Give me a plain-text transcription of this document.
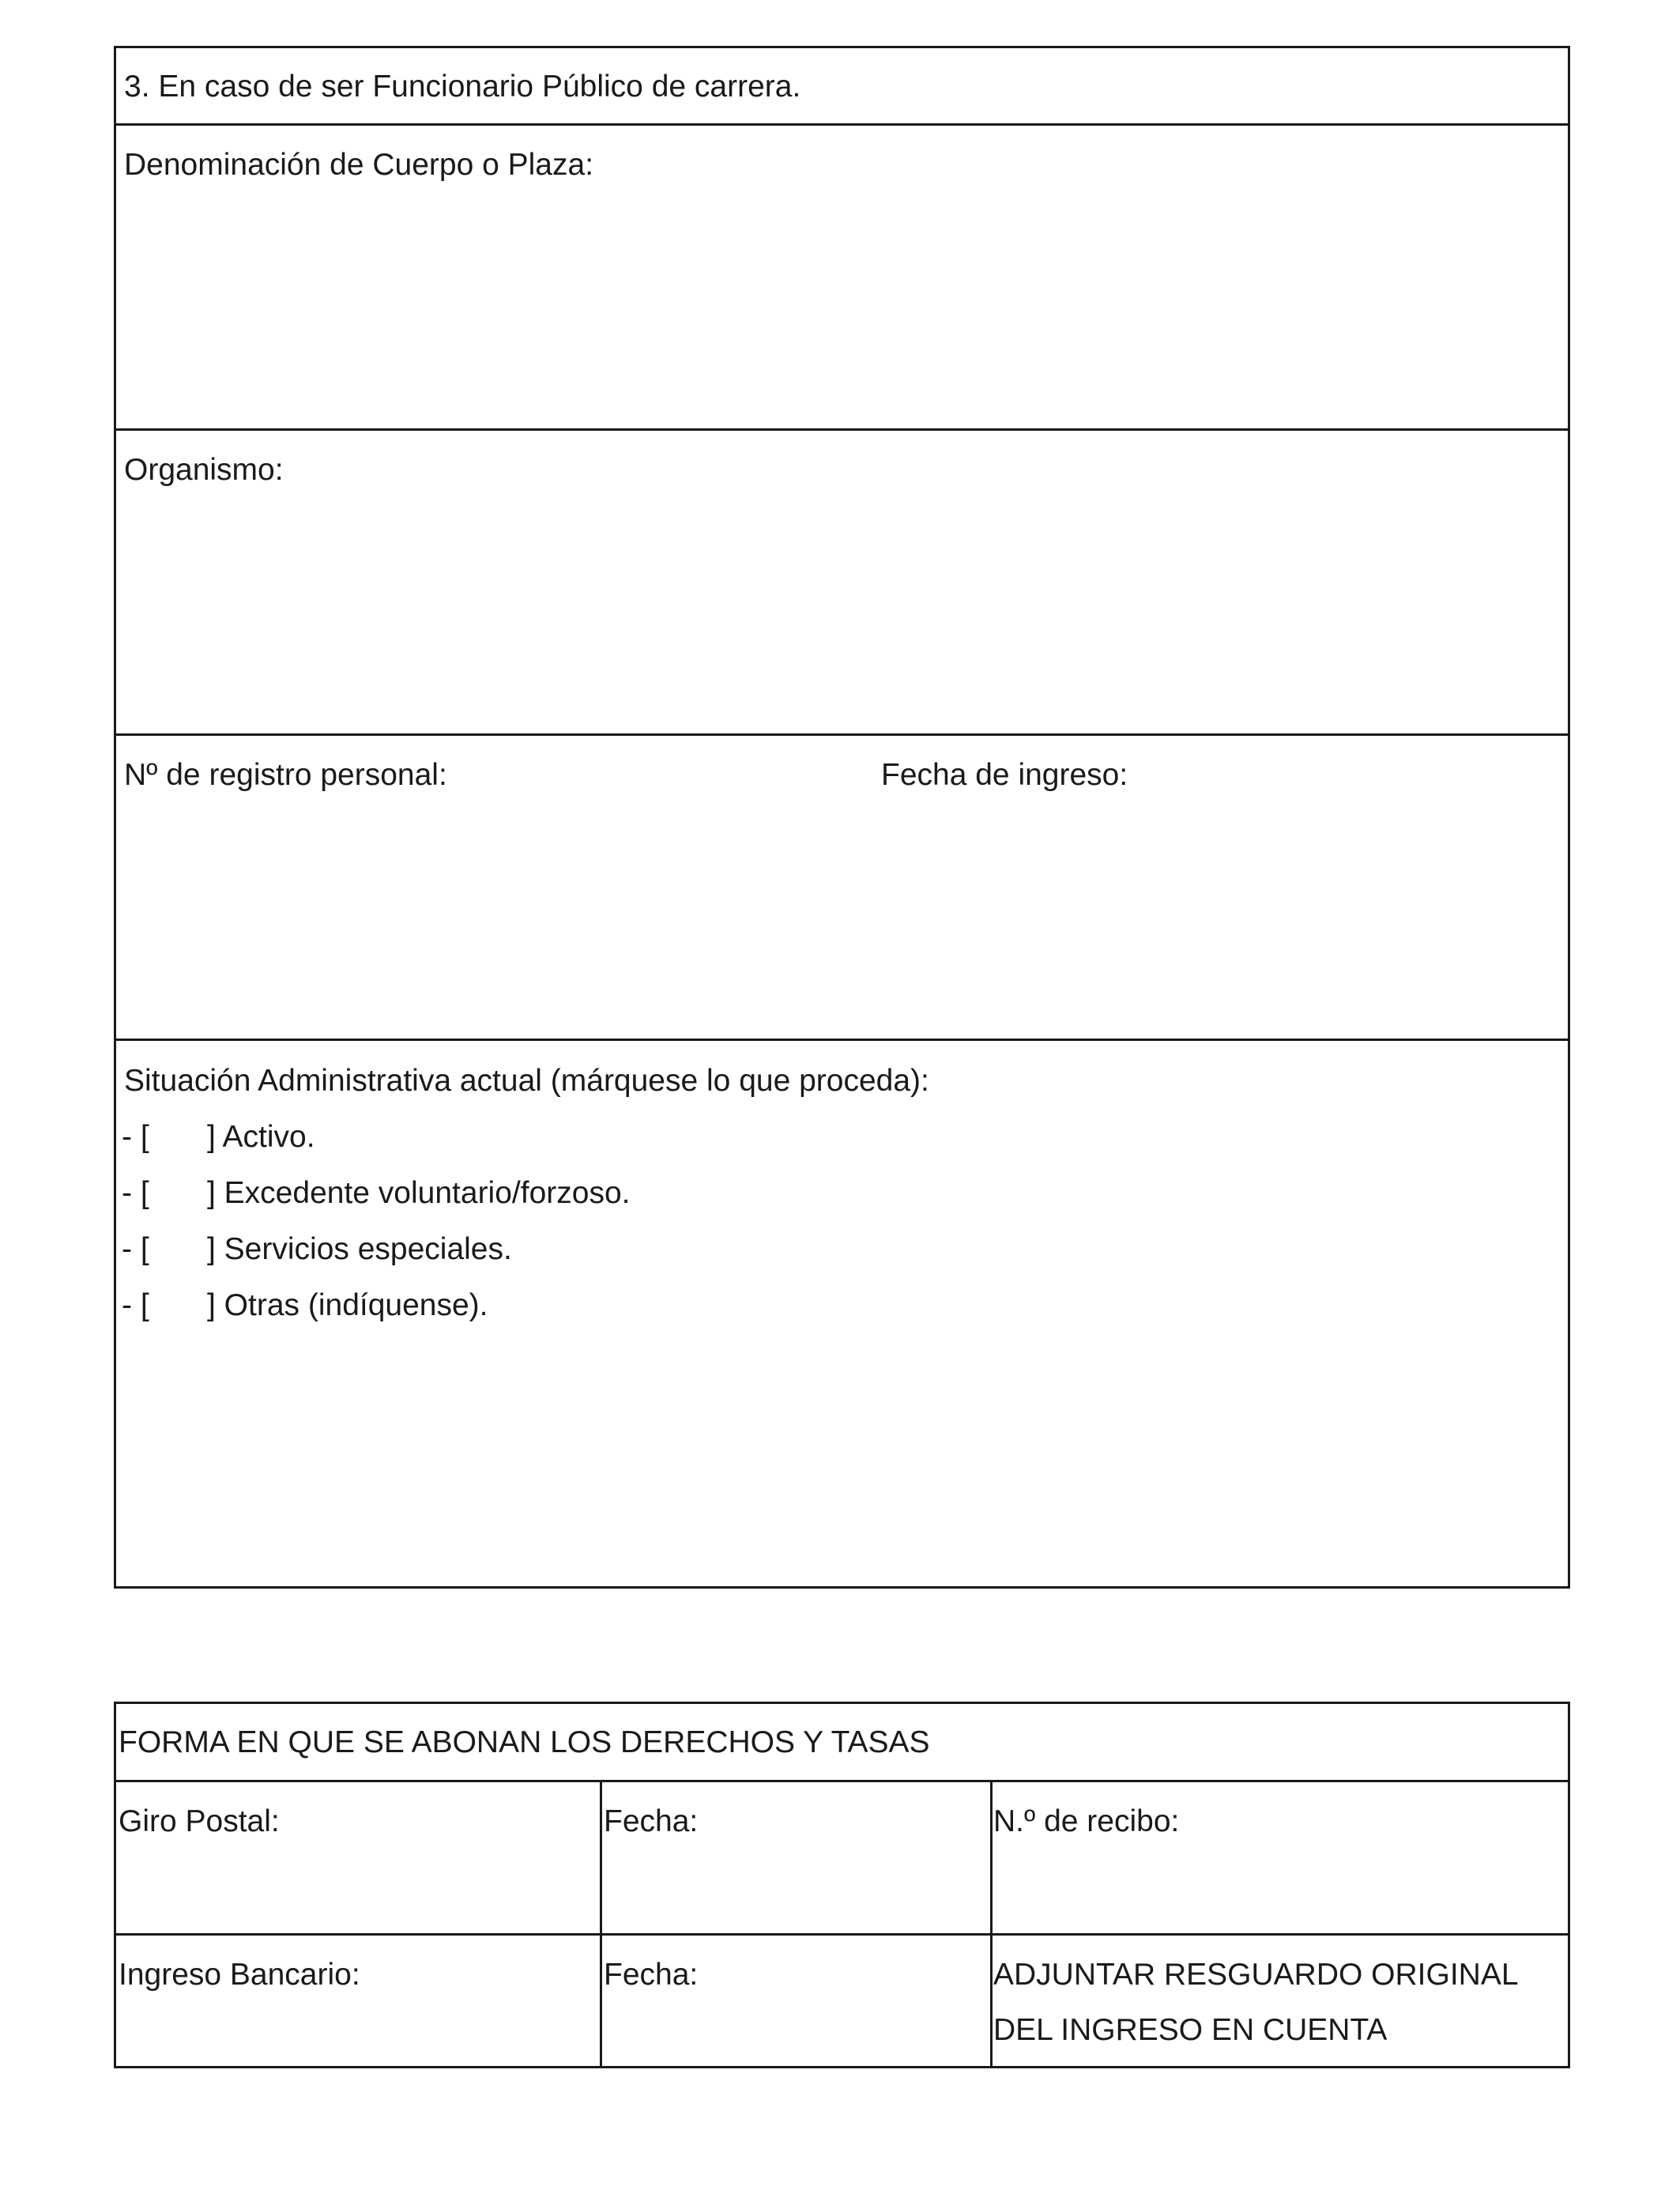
3. En caso de ser Funcionario Público de carrera.
Denominación de Cuerpo o Plaza:
Organismo:
Nº de registro personal:	Fecha de ingreso:
Situación Administrativa actual (márquese lo que proceda):
- [ ] Activo.
- [ ] Excedente voluntario/forzoso.
- [ ] Servicios especiales.
- [ ] Otras (indíquense).
FORMA EN QUE SE ABONAN LOS DERECHOS Y TASAS
Giro Postal:	Fecha:	N.º de recibo:
Ingreso Bancario:	Fecha:	ADJUNTAR RESGUARDO ORIGINAL
DEL INGRESO EN CUENTA
